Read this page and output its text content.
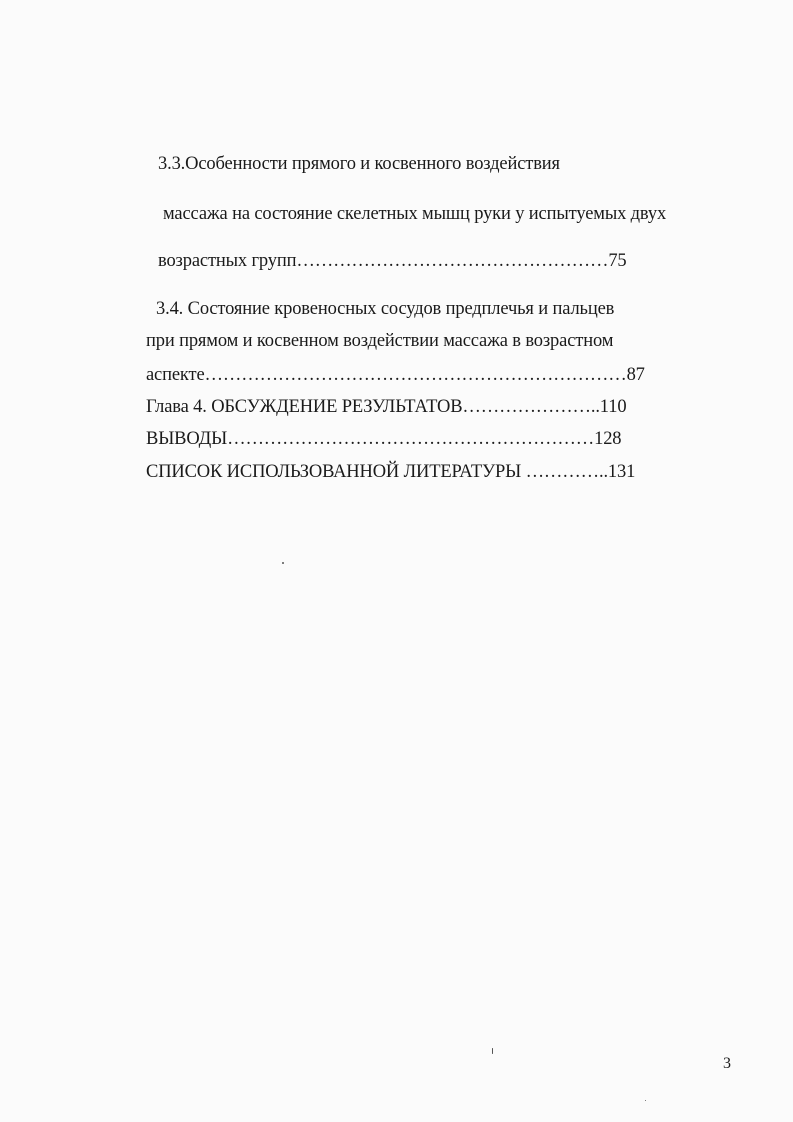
3.3.Особенности прямого и косвенного воздействия
массажа на состояние скелетных мышц руки у испытуемых двух
возрастных групп……………………………………………75
3.4. Состояние кровеносных сосудов предплечья и пальцев
при прямом и косвенном воздействии массажа в возрастном
аспекте……………………………………………………………87
Глава 4. ОБСУЖДЕНИЕ РЕЗУЛЬТАТОВ…………………..110
ВЫВОДЫ……………………………………………………128
СПИСОК ИСПОЛЬЗОВАННОЙ ЛИТЕРАТУРЫ …………..131
3
